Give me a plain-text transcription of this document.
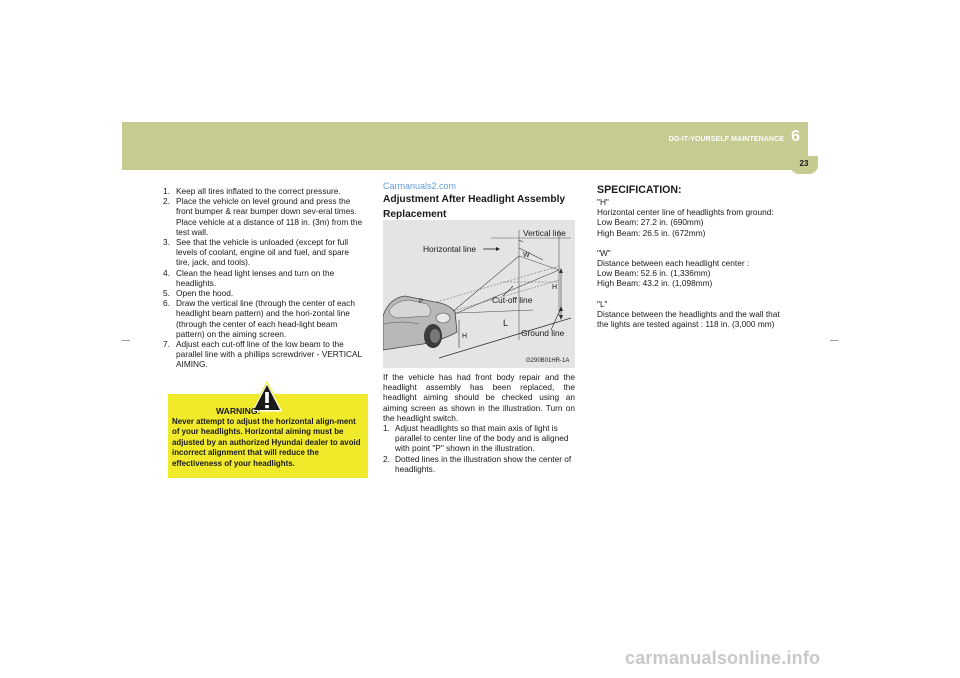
DO-IT-YOURSELF MAINTENANCE 6
23
1. Keep all tires inflated to the correct pressure.
2. Place the vehicle on level ground and press the front bumper & rear bumper down sev-eral times. Place vehicle at a distance of 118 in. (3m) from the test wall.
3. See that the vehicle is unloaded (except for full levels of coolant, engine oil and fuel, and spare tire, jack, and tools).
4. Clean the head light lenses and turn on the headlights.
5. Open the hood.
6. Draw the vertical line (through the center of each headlight beam pattern) and the hori-zontal line (through the center of each head-light beam pattern) on the aiming screen.
7. Adjust each cut-off line of the low beam to the parallel line with a phillips screwdriver - VERTICAL AIMING.
WARNING:
Never attempt to adjust the horizontal align-ment of your headlights. Horizontal aiming must be adjusted by an authorized Hyundai dealer to avoid incorrect alignment that will reduce the effectiveness of your headlights.
Carmanuals2.com
Adjustment After Headlight Assembly Replacement
Vertical line
Horizontal line
W
H
Cut-off line
L
Ground line
P
H
G290B01HR-1A

If the vehicle has had front body repair and the headlight assembly has been replaced, the headlight aiming should be checked using an aiming screen as shown in the illustration. Turn on the headlight switch.

1. Adjust headlights so that main axis of light is parallel to center line of the body and is aligned with point "P" shown in the illustration.
2. Dotted lines in the illustration show the center of headlights.
SPECIFICATION:
"H"
Horizontal center line of headlights from ground:
Low Beam: 27.2 in. (690mm)
High Beam: 26.5 in. (672mm)
"W"
Distance between each headlight center :
Low Beam: 52.6 in. (1,336mm)
High Beam: 43.2 in. (1,098mm)
"L"
Distance between the headlights and the wall that the lights are tested against : 118 in. (3,000 mm)
carmanualsonline.info
